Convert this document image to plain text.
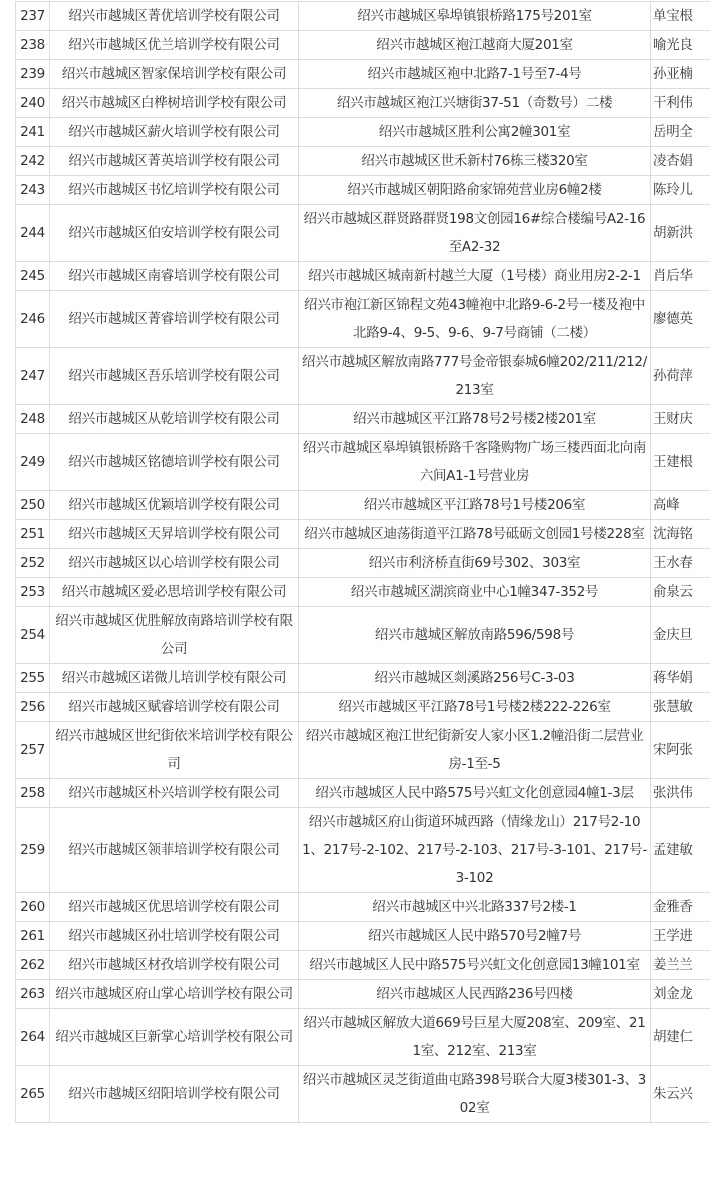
237	绍兴市越城区菁优培训学校有限公司	绍兴市越城区皋埠镇银桥路175号201室	单宝根
238	绍兴市越城区优兰培训学校有限公司	绍兴市越城区袍江越商大厦201室	喻光良
239	绍兴市越城区智家保培训学校有限公司	绍兴市越城区袍中北路7-1号至7-4号	孙亚楠
240	绍兴市越城区白桦树培训学校有限公司	绍兴市越城区袍江兴塘街37-51（奇数号）二楼	干利伟
241	绍兴市越城区薪火培训学校有限公司	绍兴市越城区胜利公寓2幢301室	岳明全
242	绍兴市越城区菁英培训学校有限公司	绍兴市越城区世禾新村76栋三楼320室	凌杏娟
243	绍兴市越城区书忆培训学校有限公司	绍兴市越城区朝阳路俞家锦苑营业房6幢2楼	陈玲儿
244	绍兴市越城区伯安培训学校有限公司	绍兴市越城区群贤路群贤198文创园16#综合楼编号A2-16至A2-32	胡新洪
245	绍兴市越城区南睿培训学校有限公司	绍兴市越城区城南新村越兰大厦（1号楼）商业用房2-2-1	肖后华
246	绍兴市越城区菁睿培训学校有限公司	绍兴市袍江新区锦程文苑43幢袍中北路9-6-2号一楼及袍中北路9-4、9-5、9-6、9-7号商铺（二楼）	廖德英
247	绍兴市越城区吾乐培训学校有限公司	绍兴市越城区解放南路777号金帝银泰城6幢202/211/212/213室	孙荷萍
248	绍兴市越城区从乾培训学校有限公司	绍兴市越城区平江路78号2号楼2楼201室	王财庆
249	绍兴市越城区铭德培训学校有限公司	绍兴市越城区皋埠镇银桥路千客隆购物广场三楼西面北向南六间A1-1号营业房	王建根
250	绍兴市越城区优颖培训学校有限公司	绍兴市越城区平江路78号1号楼206室	高峰
251	绍兴市越城区天昇培训学校有限公司	绍兴市越城区迪荡街道平江路78号砥砺文创园1号楼228室	沈海铭
252	绍兴市越城区以心培训学校有限公司	绍兴市利济桥直街69号302、303室	王水春
253	绍兴市越城区爱必思培训学校有限公司	绍兴市越城区湖滨商业中心1幢347-352号	俞泉云
254	绍兴市越城区优胜解放南路培训学校有限公司	绍兴市越城区解放南路596/598号	金庆旦
255	绍兴市越城区诺微儿培训学校有限公司	绍兴市越城区剡溪路256号C-3-03	蒋华娟
256	绍兴市越城区赋睿培训学校有限公司	绍兴市越城区平江路78号1号楼2楼222-226室	张慧敏
257	绍兴市越城区世纪街依米培训学校有限公司	绍兴市越城区袍江世纪街新安人家小区1.2幢沿街二层营业房-1至-5	宋阿张
258	绍兴市越城区朴兴培训学校有限公司	绍兴市越城区人民中路575号兴虹文化创意园4幢1-3层	张洪伟
259	绍兴市越城区领菲培训学校有限公司	绍兴市越城区府山街道环城西路（情缘龙山）217号2-101、217号-2-102、217号-2-103、217号-3-101、217号-3-102	孟建敏
260	绍兴市越城区优思培训学校有限公司	绍兴市越城区中兴北路337号2楼-1	金雅香
261	绍兴市越城区孙壮培训学校有限公司	绍兴市越城区人民中路570号2幢7号	王学进
262	绍兴市越城区材孜培训学校有限公司	绍兴市越城区人民中路575号兴虹文化创意园13幢101室	姜兰兰
263	绍兴市越城区府山掌心培训学校有限公司	绍兴市越城区人民西路236号四楼	刘金龙
264	绍兴市越城区巨新掌心培训学校有限公司	绍兴市越城区解放大道669号巨星大厦208室、209室、211室、212室、213室	胡建仁
265	绍兴市越城区绍阳培训学校有限公司	绍兴市越城区灵芝街道曲屯路398号联合大厦3楼301-3、302室	朱云兴
